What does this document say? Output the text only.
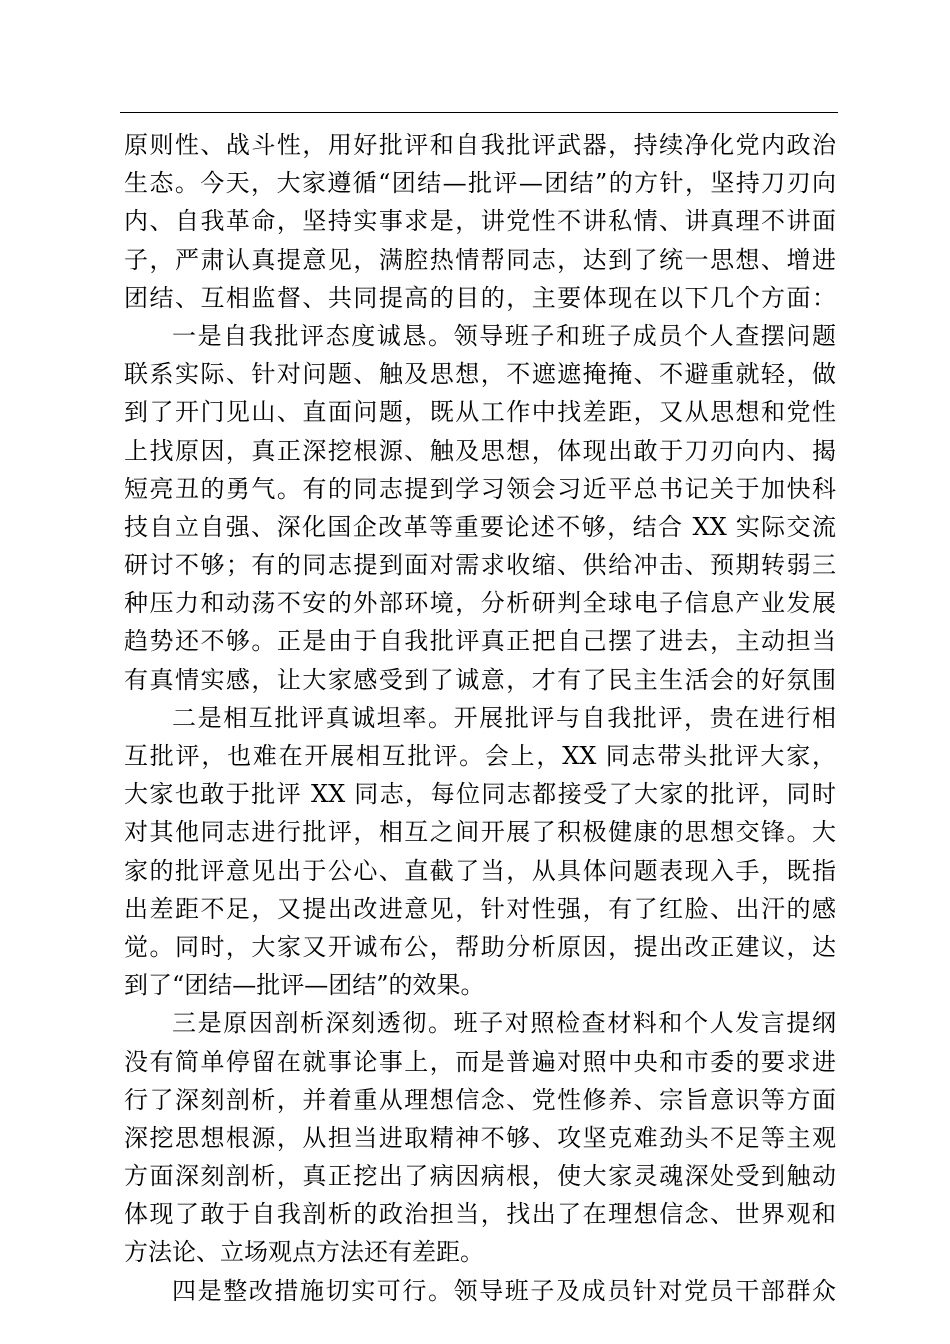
原则性、战斗性，用好批评和自我批评武器，持续净化党内政治
生态。今天，大家遵循“团结—批评—团结”的方针，坚持刀刃向
内、自我革命，坚持实事求是，讲党性不讲私情、讲真理不讲面
子，严肃认真提意见，满腔热情帮同志，达到了统一思想、增进
团结、互相监督、共同提高的目的，主要体现在以下几个方面：
一是自我批评态度诚恳。领导班子和班子成员个人查摆问题
联系实际、针对问题、触及思想，不遮遮掩掩、不避重就轻，做
到了开门见山、直面问题，既从工作中找差距，又从思想和党性
上找原因，真正深挖根源、触及思想，体现出敢于刀刃向内、揭
短亮丑的勇气。有的同志提到学习领会习近平总书记关于加快科
技自立自强、深化国企改革等重要论述不够，结合 XX 实际交流
研讨不够；有的同志提到面对需求收缩、供给冲击、预期转弱三
种压力和动荡不安的外部环境，分析研判全球电子信息产业发展
趋势还不够。正是由于自我批评真正把自己摆了进去，主动担当
有真情实感，让大家感受到了诚意，才有了民主生活会的好氛围
二是相互批评真诚坦率。开展批评与自我批评，贵在进行相
互批评，也难在开展相互批评。会上，XX 同志带头批评大家，
大家也敢于批评 XX 同志，每位同志都接受了大家的批评，同时
对其他同志进行批评，相互之间开展了积极健康的思想交锋。大
家的批评意见出于公心、直截了当，从具体问题表现入手，既指
出差距不足，又提出改进意见，针对性强，有了红脸、出汗的感
觉。同时，大家又开诚布公，帮助分析原因，提出改正建议，达
到了“团结—批评—团结”的效果。
三是原因剖析深刻透彻。班子对照检查材料和个人发言提纲
没有简单停留在就事论事上，而是普遍对照中央和市委的要求进
行了深刻剖析，并着重从理想信念、党性修养、宗旨意识等方面
深挖思想根源，从担当进取精神不够、攻坚克难劲头不足等主观
方面深刻剖析，真正挖出了病因病根，使大家灵魂深处受到触动
体现了敢于自我剖析的政治担当，找出了在理想信念、世界观和
方法论、立场观点方法还有差距。
四是整改措施切实可行。领导班子及成员针对党员干部群众
